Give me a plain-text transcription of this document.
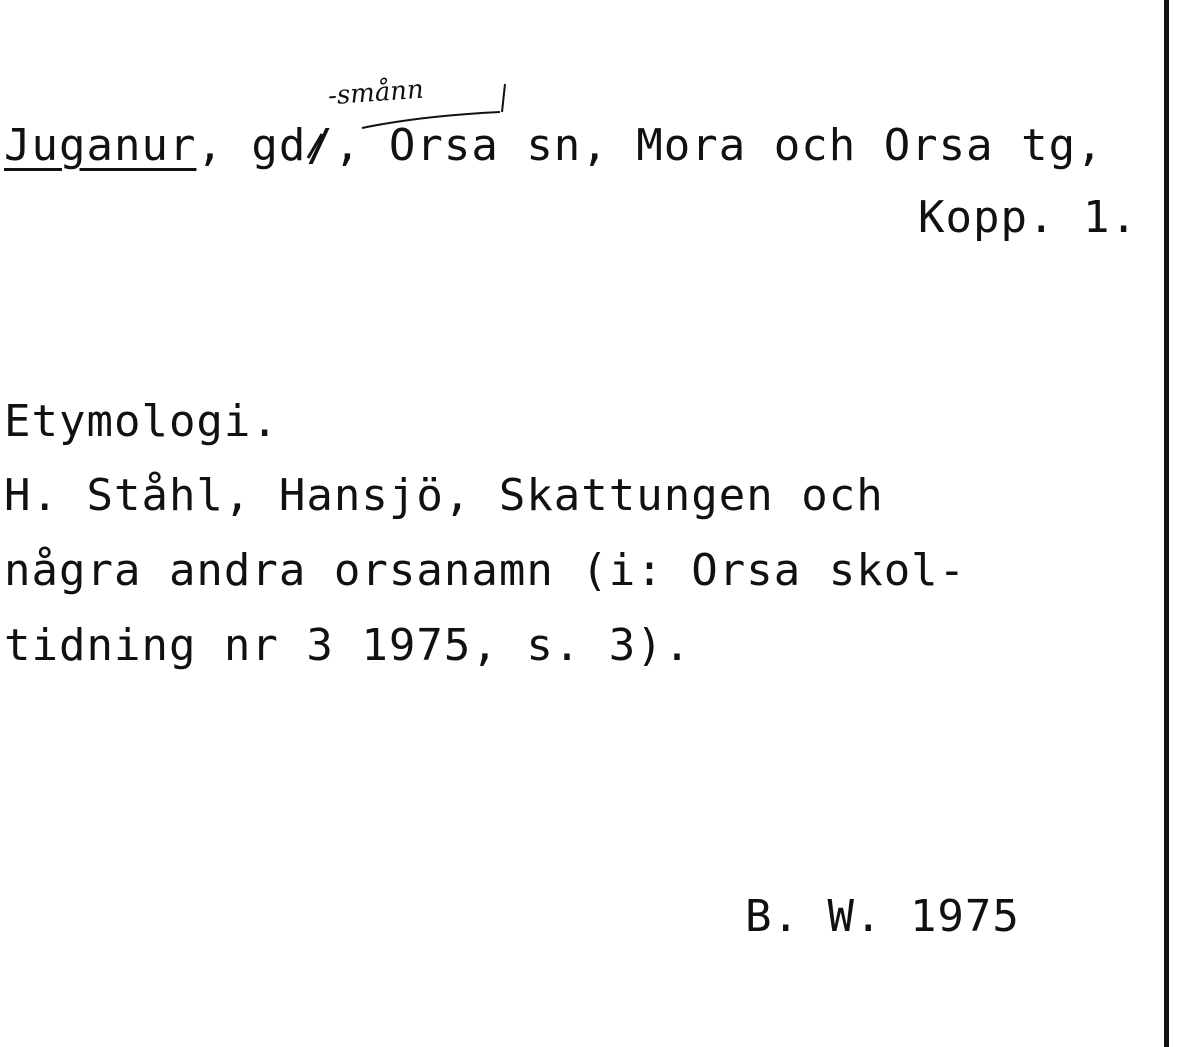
-smånn
Juganur, gd/, Orsa sn, Mora och Orsa tg,
Kopp. 1.
Etymologi.
H. Ståhl, Hansjö, Skattungen och
några andra orsanamn (i: Orsa skol-
tidning nr 3 1975, s. 3).
B. W. 1975
